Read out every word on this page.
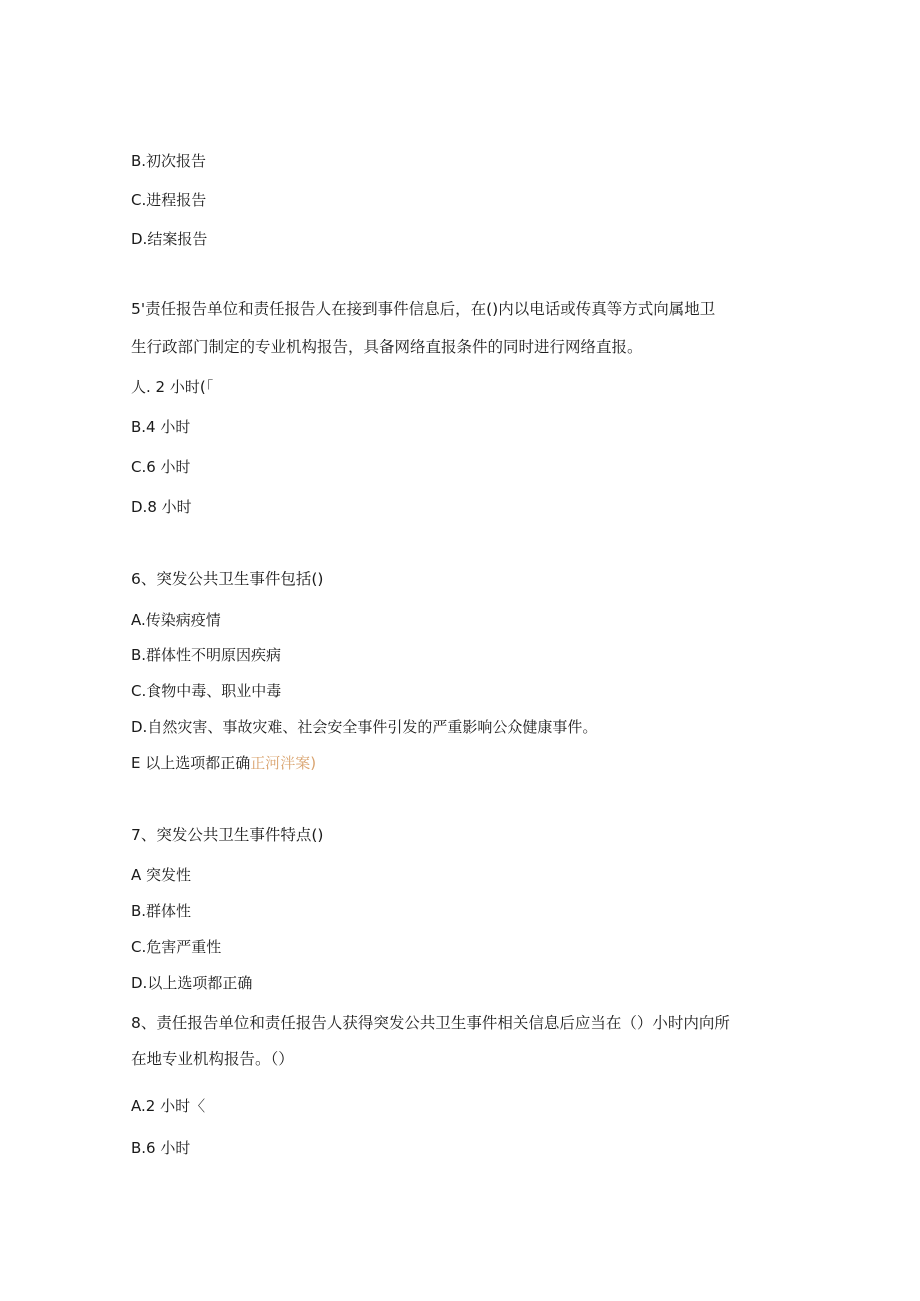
B.初次报告
C.进程报告
D.结案报告
5'责任报告单位和责任报告人在接到事件信息后，在()内以电话或传真等方式向属地卫
生行政部门制定的专业机构报告，具备网络直报条件的同时进行网络直报。
人. 2 小时(「
B.4 小时
C.6 小时
D.8 小时
6、突发公共卫生事件包括()
A.传染病疫情
B.群体性不明原因疾病
C.食物中毒、职业中毒
D.自然灾害、事故灾难、社会安全事件引发的严重影响公众健康事件。
E 以上选项都正确正河泮案)
7、突发公共卫生事件特点()
A 突发性
B.群体性
C.危害严重性
D.以上选项都正确
8、责任报告单位和责任报告人获得突发公共卫生事件相关信息后应当在（）小时内向所
在地专业机构报告。（）
A.2 小时〈
B.6 小时
